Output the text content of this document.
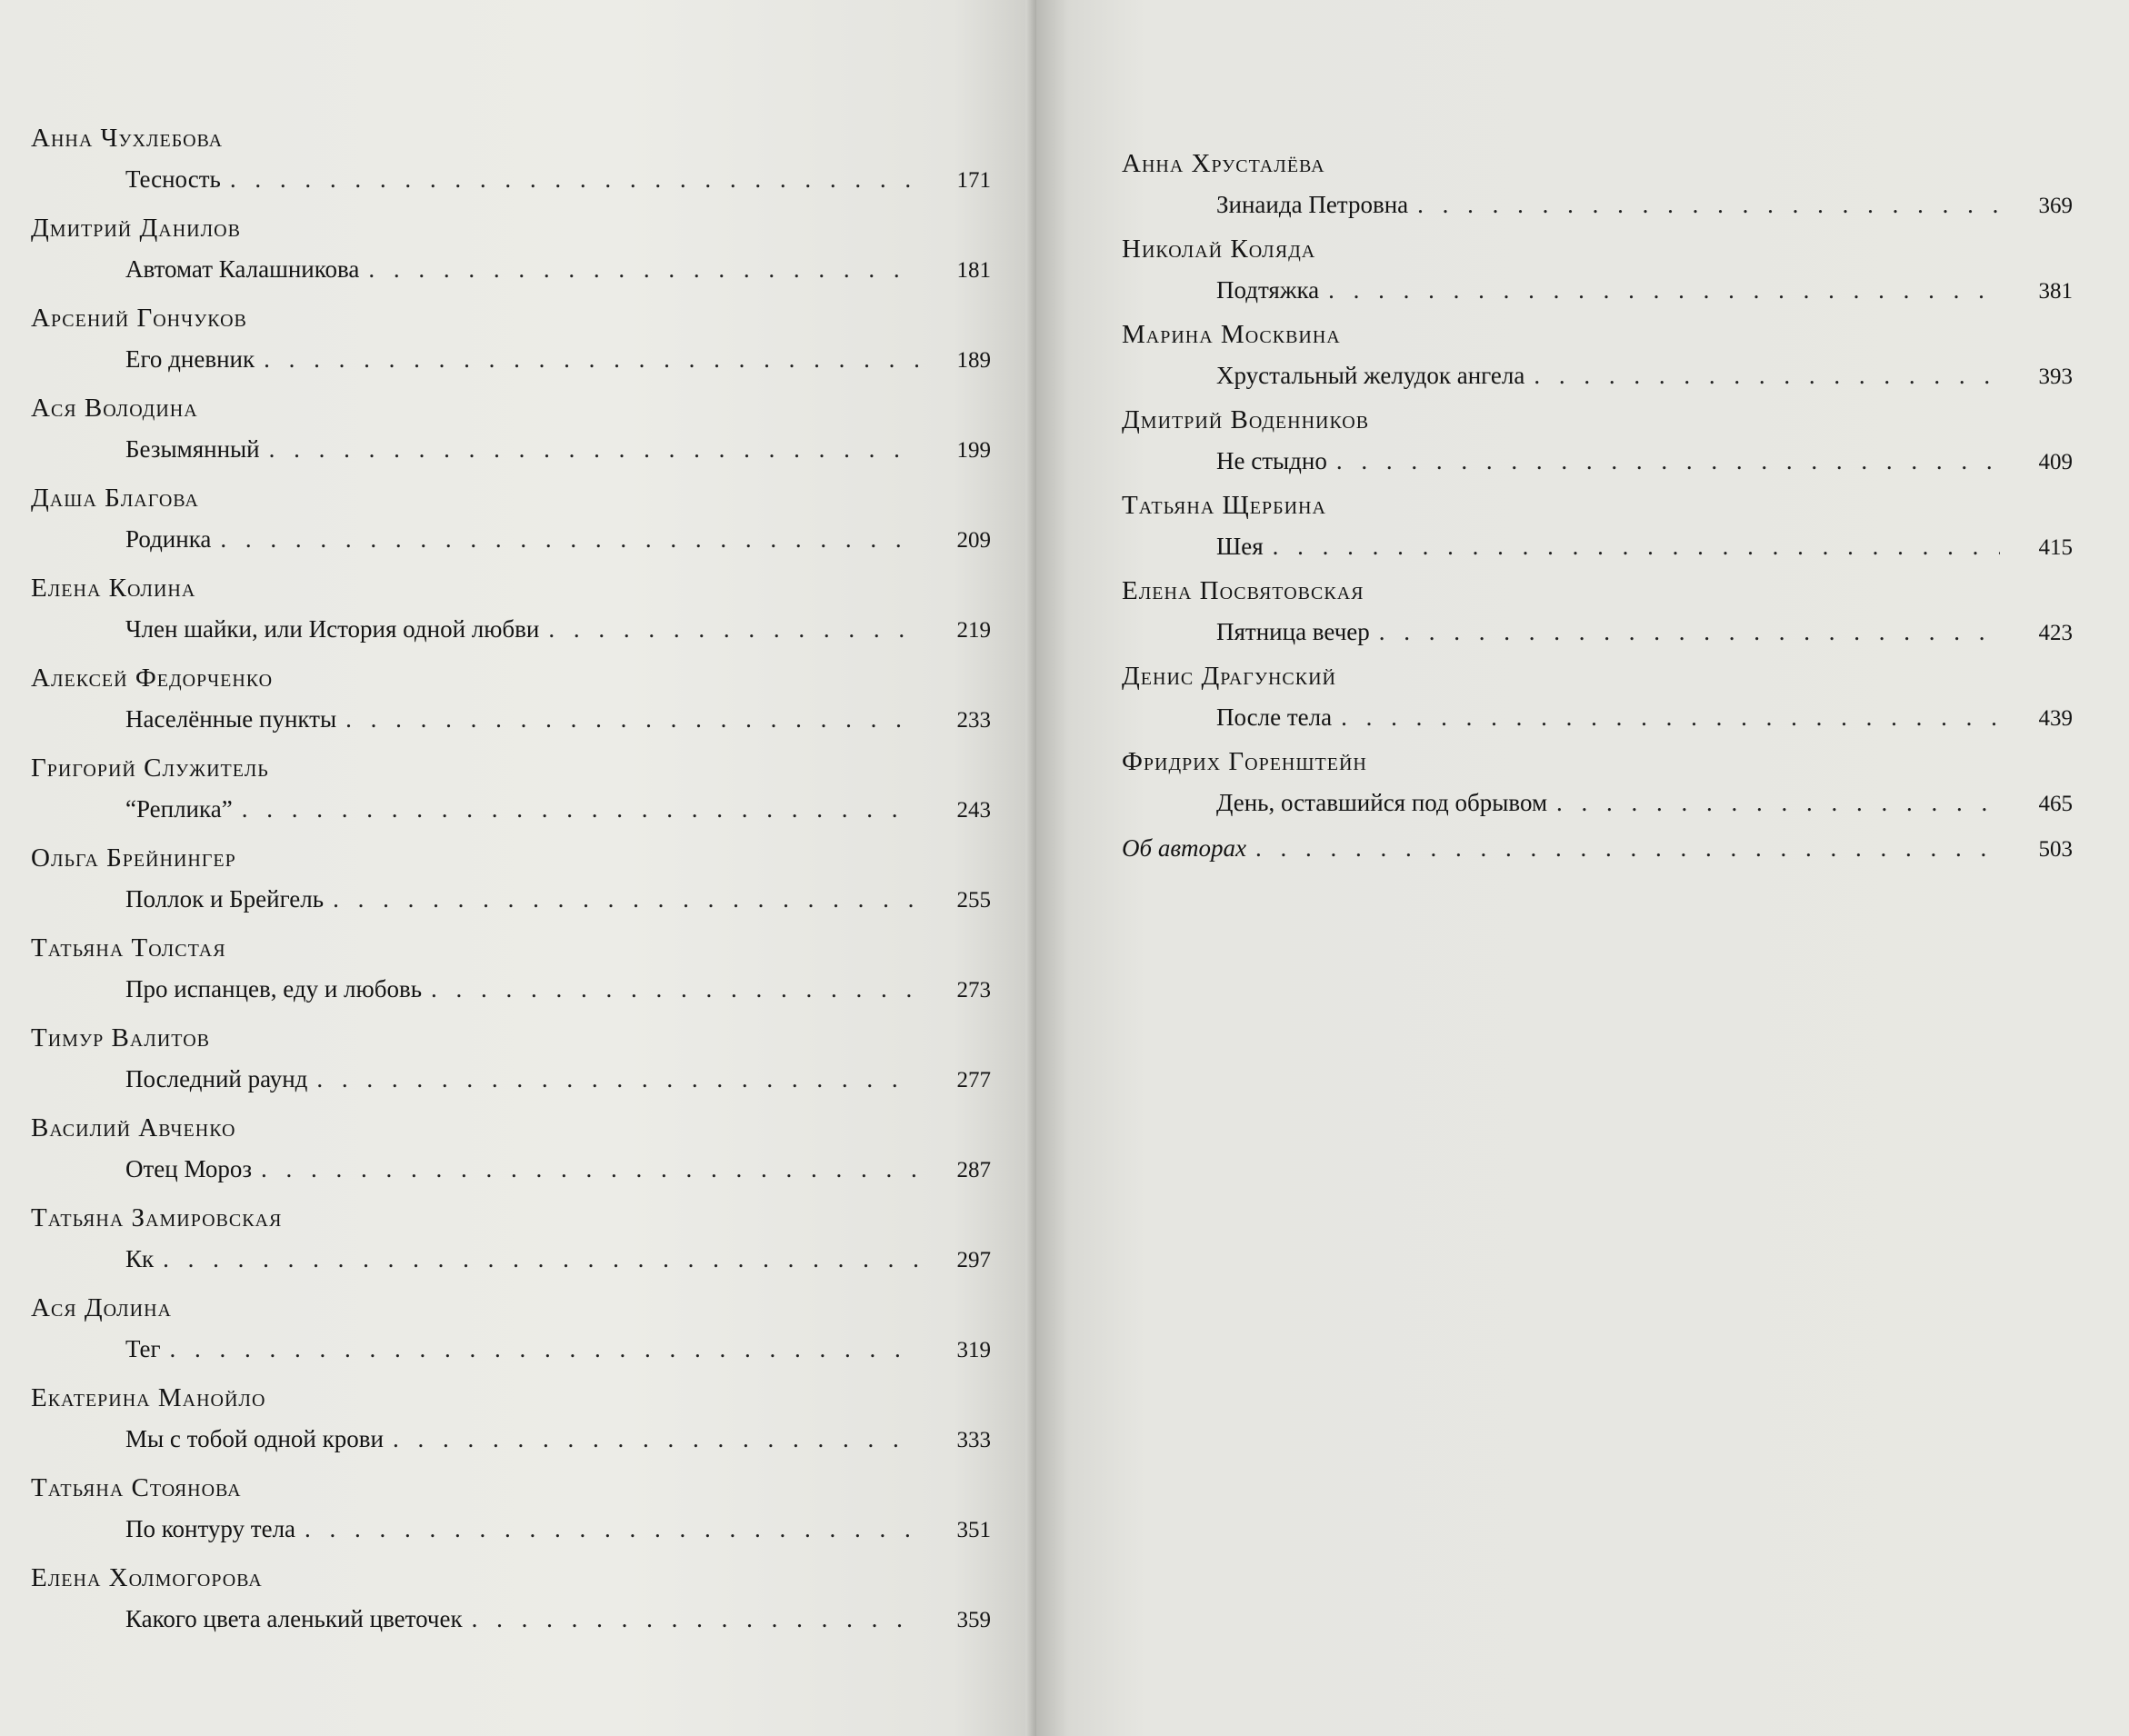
Анна Чухлебова
Тесность . . .	171
Дмитрий Данилов
Автомат Калашникова . . .	181
Арсений Гончуков
Его дневник . . .	189
Ася Володина
Безымянный . . .	199
Даша Благова
Родинка . . .	209
Елена Колина
Член шайки, или История одной любви . . .	219
Алексей Федорченко
Населённые пункты . . .	233
Григорий Служитель
“Реплика” . . .	243
Ольга Брейнингер
Поллок и Брейгель . . .	255
Татьяна Толстая
Про испанцев, еду и любовь . . .	273
Тимур Валитов
Последний раунд . . .	277
Василий Авченко
Отец Мороз . . .	287
Татьяна Замировская
Кк . . .	297
Ася Долина
Тег . . .	319
Екатерина Манойло
Мы с тобой одной крови . . .	333
Татьяна Стоянова
По контуру тела . . .	351
Елена Холмогорова
Какого цвета аленький цветочек . . .	359
Анна Хрусталёва
Зинаида Петровна . . .	369
Николай Коляда
Подтяжка . . .	381
Марина Москвина
Хрустальный желудок ангела . . .	393
Дмитрий Воденников
Не стыдно . . .	409
Татьяна Щербина
Шея . . .	415
Елена Посвятовская
Пятница вечер . . .	423
Денис Драгунский
После тела . . .	439
Фридрих Горенштейн
День, оставшийся под обрывом . . .	465
Об авторах . . .	503
